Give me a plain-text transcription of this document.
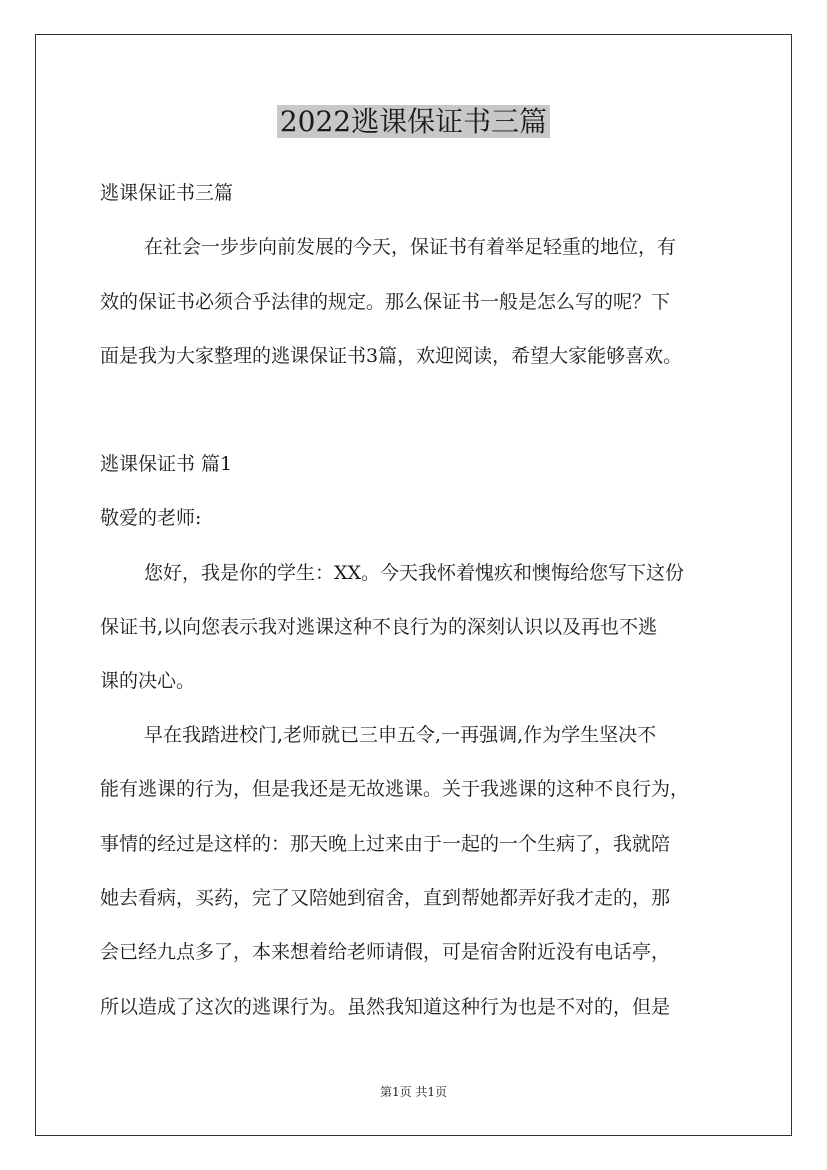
2022逃课保证书三篇
逃课保证书三篇
在社会一步步向前发展的今天，保证书有着举足轻重的地位，有
效的保证书必须合乎法律的规定。那么保证书一般是怎么写的呢？下
面是我为大家整理的逃课保证书3篇，欢迎阅读，希望大家能够喜欢。
逃课保证书 篇1
敬爱的老师:
您好，我是你的学生：XX。今天我怀着愧疚和懊悔给您写下这份
保证书,以向您表示我对逃课这种不良行为的深刻认识以及再也不逃
课的决心。
早在我踏进校门,老师就已三申五令,一再强调,作为学生坚决不
能有逃课的行为，但是我还是无故逃课。关于我逃课的这种不良行为，
事情的经过是这样的：那天晚上过来由于一起的一个生病了，我就陪
她去看病，买药，完了又陪她到宿舍，直到帮她都弄好我才走的，那
会已经九点多了，本来想着给老师请假，可是宿舍附近没有电话亭，
所以造成了这次的逃课行为。虽然我知道这种行为也是不对的，但是
第1页 共1页
